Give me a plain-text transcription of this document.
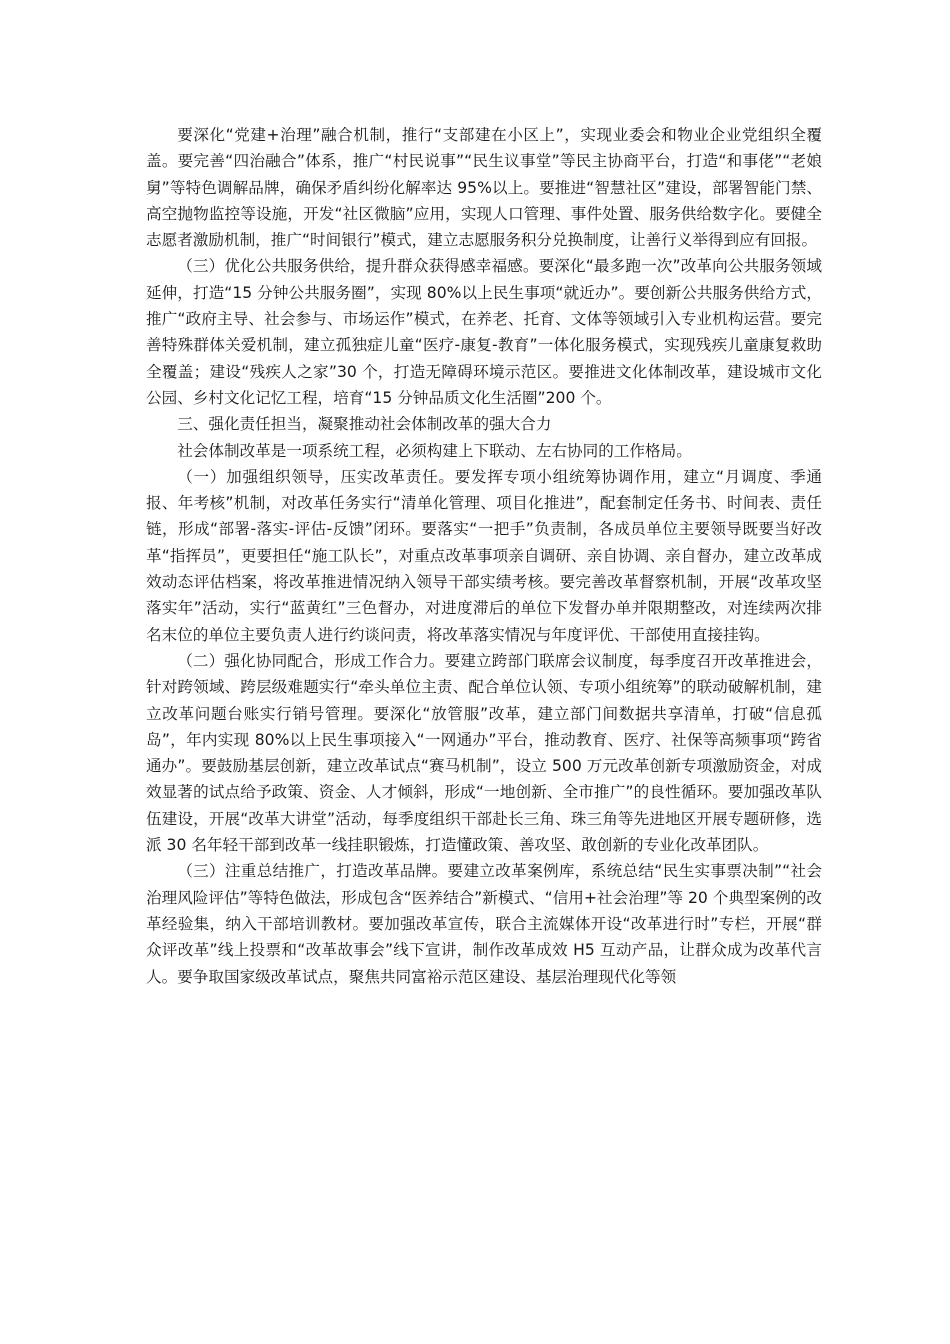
要深化“党建+治理”融合机制，推行“支部建在小区上”，实现业委会和物业企业党组织全覆盖。要完善“四治融合”体系，推广“村民说事”“民生议事堂”等民主协商平台，打造“和事佬”“老娘舅”等特色调解品牌，确保矛盾纠纷化解率达 95%以上。要推进“智慧社区”建设，部署智能门禁、高空抛物监控等设施，开发“社区微脑”应用，实现人口管理、事件处置、服务供给数字化。要健全志愿者激励机制，推广“时间银行”模式，建立志愿服务积分兑换制度，让善行义举得到应有回报。

（三）优化公共服务供给，提升群众获得感幸福感。要深化“最多跑一次”改革向公共服务领域延伸，打造“15 分钟公共服务圈”，实现 80%以上民生事项“就近办”。要创新公共服务供给方式，推广“政府主导、社会参与、市场运作”模式，在养老、托育、文体等领域引入专业机构运营。要完善特殊群体关爱机制，建立孤独症儿童“医疗-康复-教育”一体化服务模式，实现残疾儿童康复救助全覆盖；建设“残疾人之家”30 个，打造无障碍环境示范区。要推进文化体制改革，建设城市文化公园、乡村文化记忆工程，培育“15 分钟品质文化生活圈”200 个。

三、强化责任担当，凝聚推动社会体制改革的强大合力

社会体制改革是一项系统工程，必须构建上下联动、左右协同的工作格局。

（一）加强组织领导，压实改革责任。要发挥专项小组统筹协调作用，建立“月调度、季通报、年考核”机制，对改革任务实行“清单化管理、项目化推进”，配套制定任务书、时间表、责任链，形成“部署-落实-评估-反馈”闭环。要落实“一把手”负责制，各成员单位主要领导既要当好改革“指挥员”，更要担任“施工队长”，对重点改革事项亲自调研、亲自协调、亲自督办，建立改革成效动态评估档案，将改革推进情况纳入领导干部实绩考核。要完善改革督察机制，开展“改革攻坚落实年”活动，实行“蓝黄红”三色督办，对进度滞后的单位下发督办单并限期整改，对连续两次排名末位的单位主要负责人进行约谈问责，将改革落实情况与年度评优、干部使用直接挂钩。

（二）强化协同配合，形成工作合力。要建立跨部门联席会议制度，每季度召开改革推进会，针对跨领域、跨层级难题实行“牵头单位主责、配合单位认领、专项小组统筹”的联动破解机制，建立改革问题台账实行销号管理。要深化“放管服”改革，建立部门间数据共享清单，打破“信息孤岛”，年内实现 80%以上民生事项接入“一网通办”平台，推动教育、医疗、社保等高频事项“跨省通办”。要鼓励基层创新，建立改革试点“赛马机制”，设立 500 万元改革创新专项激励资金，对成效显著的试点给予政策、资金、人才倾斜，形成“一地创新、全市推广”的良性循环。要加强改革队伍建设，开展“改革大讲堂”活动，每季度组织干部赴长三角、珠三角等先进地区开展专题研修，选派 30 名年轻干部到改革一线挂职锻炼，打造懂政策、善攻坚、敢创新的专业化改革团队。

（三）注重总结推广，打造改革品牌。要建立改革案例库，系统总结“民生实事票决制”“社会治理风险评估”等特色做法，形成包含“医养结合”新模式、“信用+社会治理”等 20 个典型案例的改革经验集，纳入干部培训教材。要加强改革宣传，联合主流媒体开设“改革进行时”专栏，开展“群众评改革”线上投票和“改革故事会”线下宣讲，制作改革成效 H5 互动产品，让群众成为改革代言人。要争取国家级改革试点，聚焦共同富裕示范区建设、基层治理现代化等领
